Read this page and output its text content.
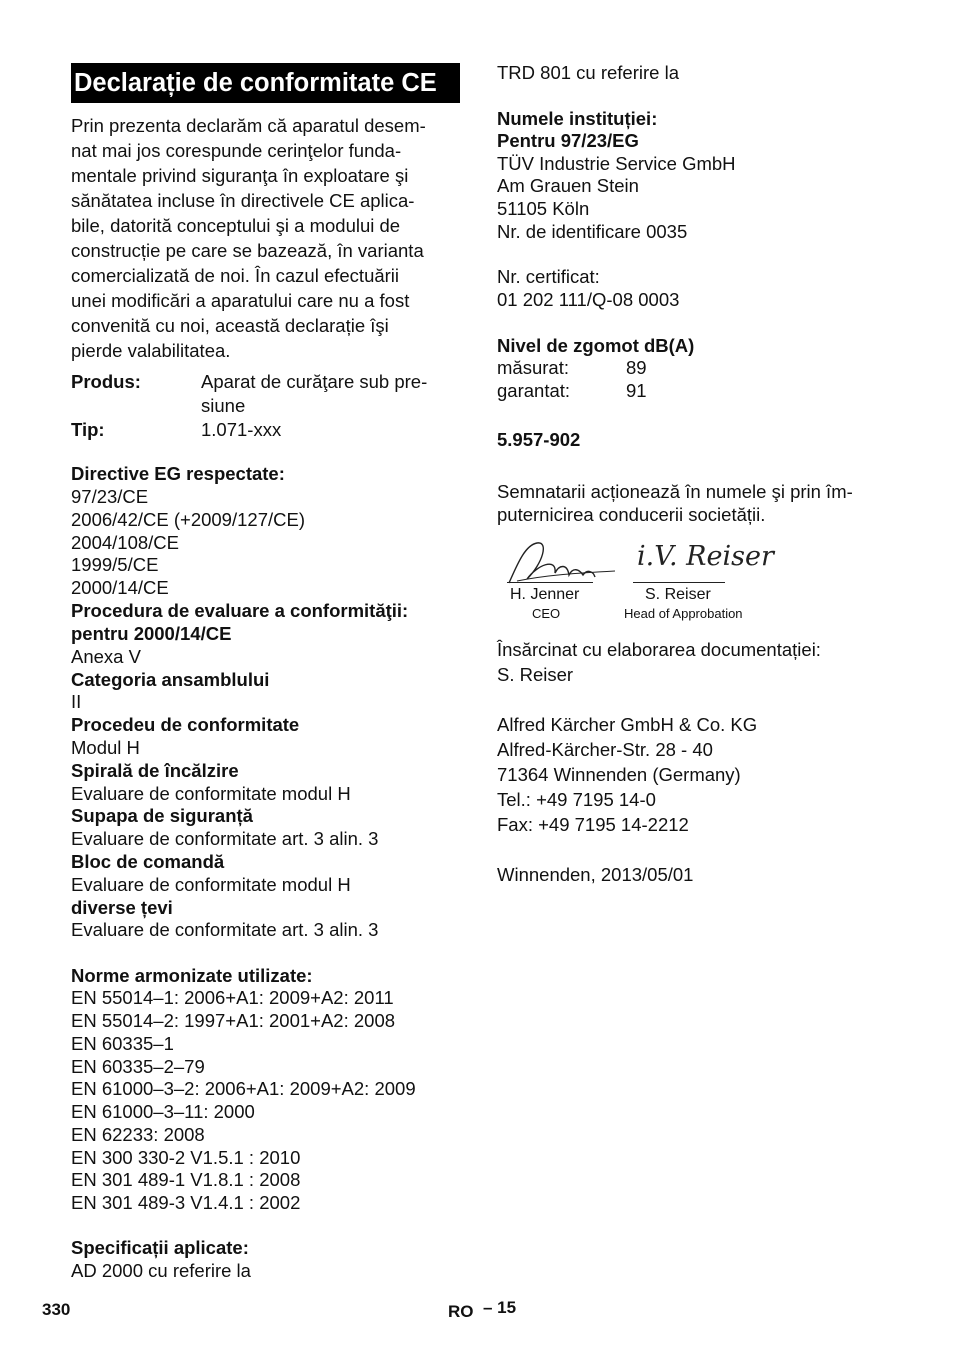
Declarație de conformitate CE
Prin prezenta declarăm că aparatul desem-
nat mai jos corespunde cerinţelor funda-
mentale privind siguranţa în exploatare şi
sănătatea incluse în directivele CE aplica-
bile, datorită conceptului şi a modului de
construcție pe care se bazează, în varianta
comercializată de noi. În cazul efectuării
unei modificări a aparatului care nu a fost
convenită cu noi, această declarație îşi
pierde valabilitatea.
Produs:	Aparat de curăţare sub pre-
siune
Tip:	1.071-xxx
Directive EG respectate:
97/23/CE
2006/42/CE (+2009/127/CE)
2004/108/CE
1999/5/CE
2000/14/CE
Procedura de evaluare a conformităţii:
pentru 2000/14/CE
Anexa V
Categoria ansamblului
II
Procedeu de conformitate
Modul H
Spirală de încălzire
Evaluare de conformitate modul H
Supapa de siguranță
Evaluare de conformitate art. 3 alin. 3
Bloc de comandă
Evaluare de conformitate modul H
diverse țevi
Evaluare de conformitate art. 3 alin. 3
Norme armonizate utilizate:
EN 55014–1: 2006+A1: 2009+A2: 2011
EN 55014–2: 1997+A1: 2001+A2: 2008
EN 60335–1
EN 60335–2–79
EN 61000–3–2: 2006+A1: 2009+A2: 2009
EN 61000–3–11: 2000
EN 62233: 2008
EN 300 330-2 V1.5.1 : 2010
EN 301 489-1 V1.8.1 : 2008
EN 301 489-3 V1.4.1 : 2002
Specificații aplicate:
AD 2000 cu referire la
TRD 801 cu referire la
Numele instituției:
Pentru 97/23/EG
TÜV Industrie Service GmbH
Am Grauen Stein
51105 Köln
Nr. de identificare 0035
Nr. certificat:
01 202 111/Q-08 0003
Nivel de zgomot dB(A)
5.957-902
Semnatarii acționează în numele şi prin îm-
puternicirea conducerii societății.
Însărcinat cu elaborarea documentației:
S. Reiser
Alfred Kärcher GmbH & Co. KG
Alfred-Kärcher-Str. 28 - 40
71364 Winnenden (Germany)
Tel.: +49 7195 14-0
Fax: +49 7195 14-2212
Winnenden, 2013/05/01
măsurat:	89
garantat:	91
i.V. Reiser
H. Jenner
CEO
S. Reiser
Head of Approbation
330	RO – 15
